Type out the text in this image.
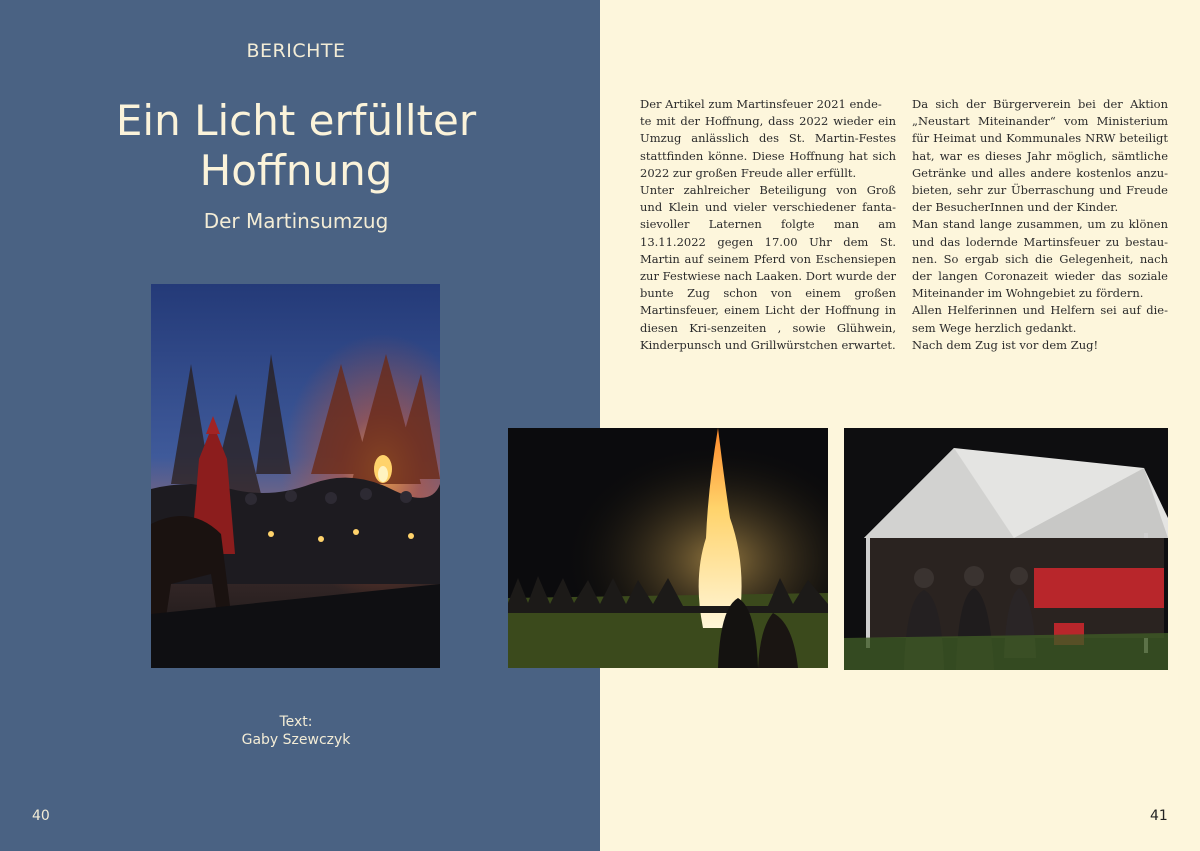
BERICHTE
Ein Licht erfüllter
Hoffnung
Der Martinsumzug
Text:
Gaby Szewczyk
40	41

Der Artikel zum Martinsfeuer 2021 ende-

te mit der Hoffnung, dass 2022 wieder ein Umzug anlässlich des St. Martin-Festes stattfinden könne. Diese Hoffnung hat sich 2022 zur großen Freude aller erfüllt.

Unter zahlreicher Beteiligung von Groß und Klein und vieler verschiedener fanta-sievoller Laternen folgte man am 13.11.2022 gegen 17.00 Uhr dem St. Martin auf seinem Pferd von Eschensiepen zur Festwiese nach Laaken. Dort wurde der bunte Zug schon von einem großen Martinsfeuer, einem Licht der Hoffnung in diesen Kri-senzeiten , sowie Glühwein, Kinderpunsch und Grillwürstchen erwartet.

Da sich der Bürgerverein bei der Aktion „Neustart Miteinander“ vom Ministerium für Heimat und Kommunales NRW beteiligt hat, war es dieses Jahr möglich, sämtliche Getränke und alles andere kostenlos anzu-bieten, sehr zur Überraschung und Freude der BesucherInnen und der Kinder.

Man stand lange zusammen, um zu klönen und das lodernde Martinsfeuer zu bestau-nen. So ergab sich die Gelegenheit, nach der langen Coronazeit wieder das soziale Miteinander im Wohngebiet zu fördern.

Allen Helferinnen und Helfern sei auf die-sem Wege herzlich gedankt.

Nach dem Zug ist vor dem Zug!
